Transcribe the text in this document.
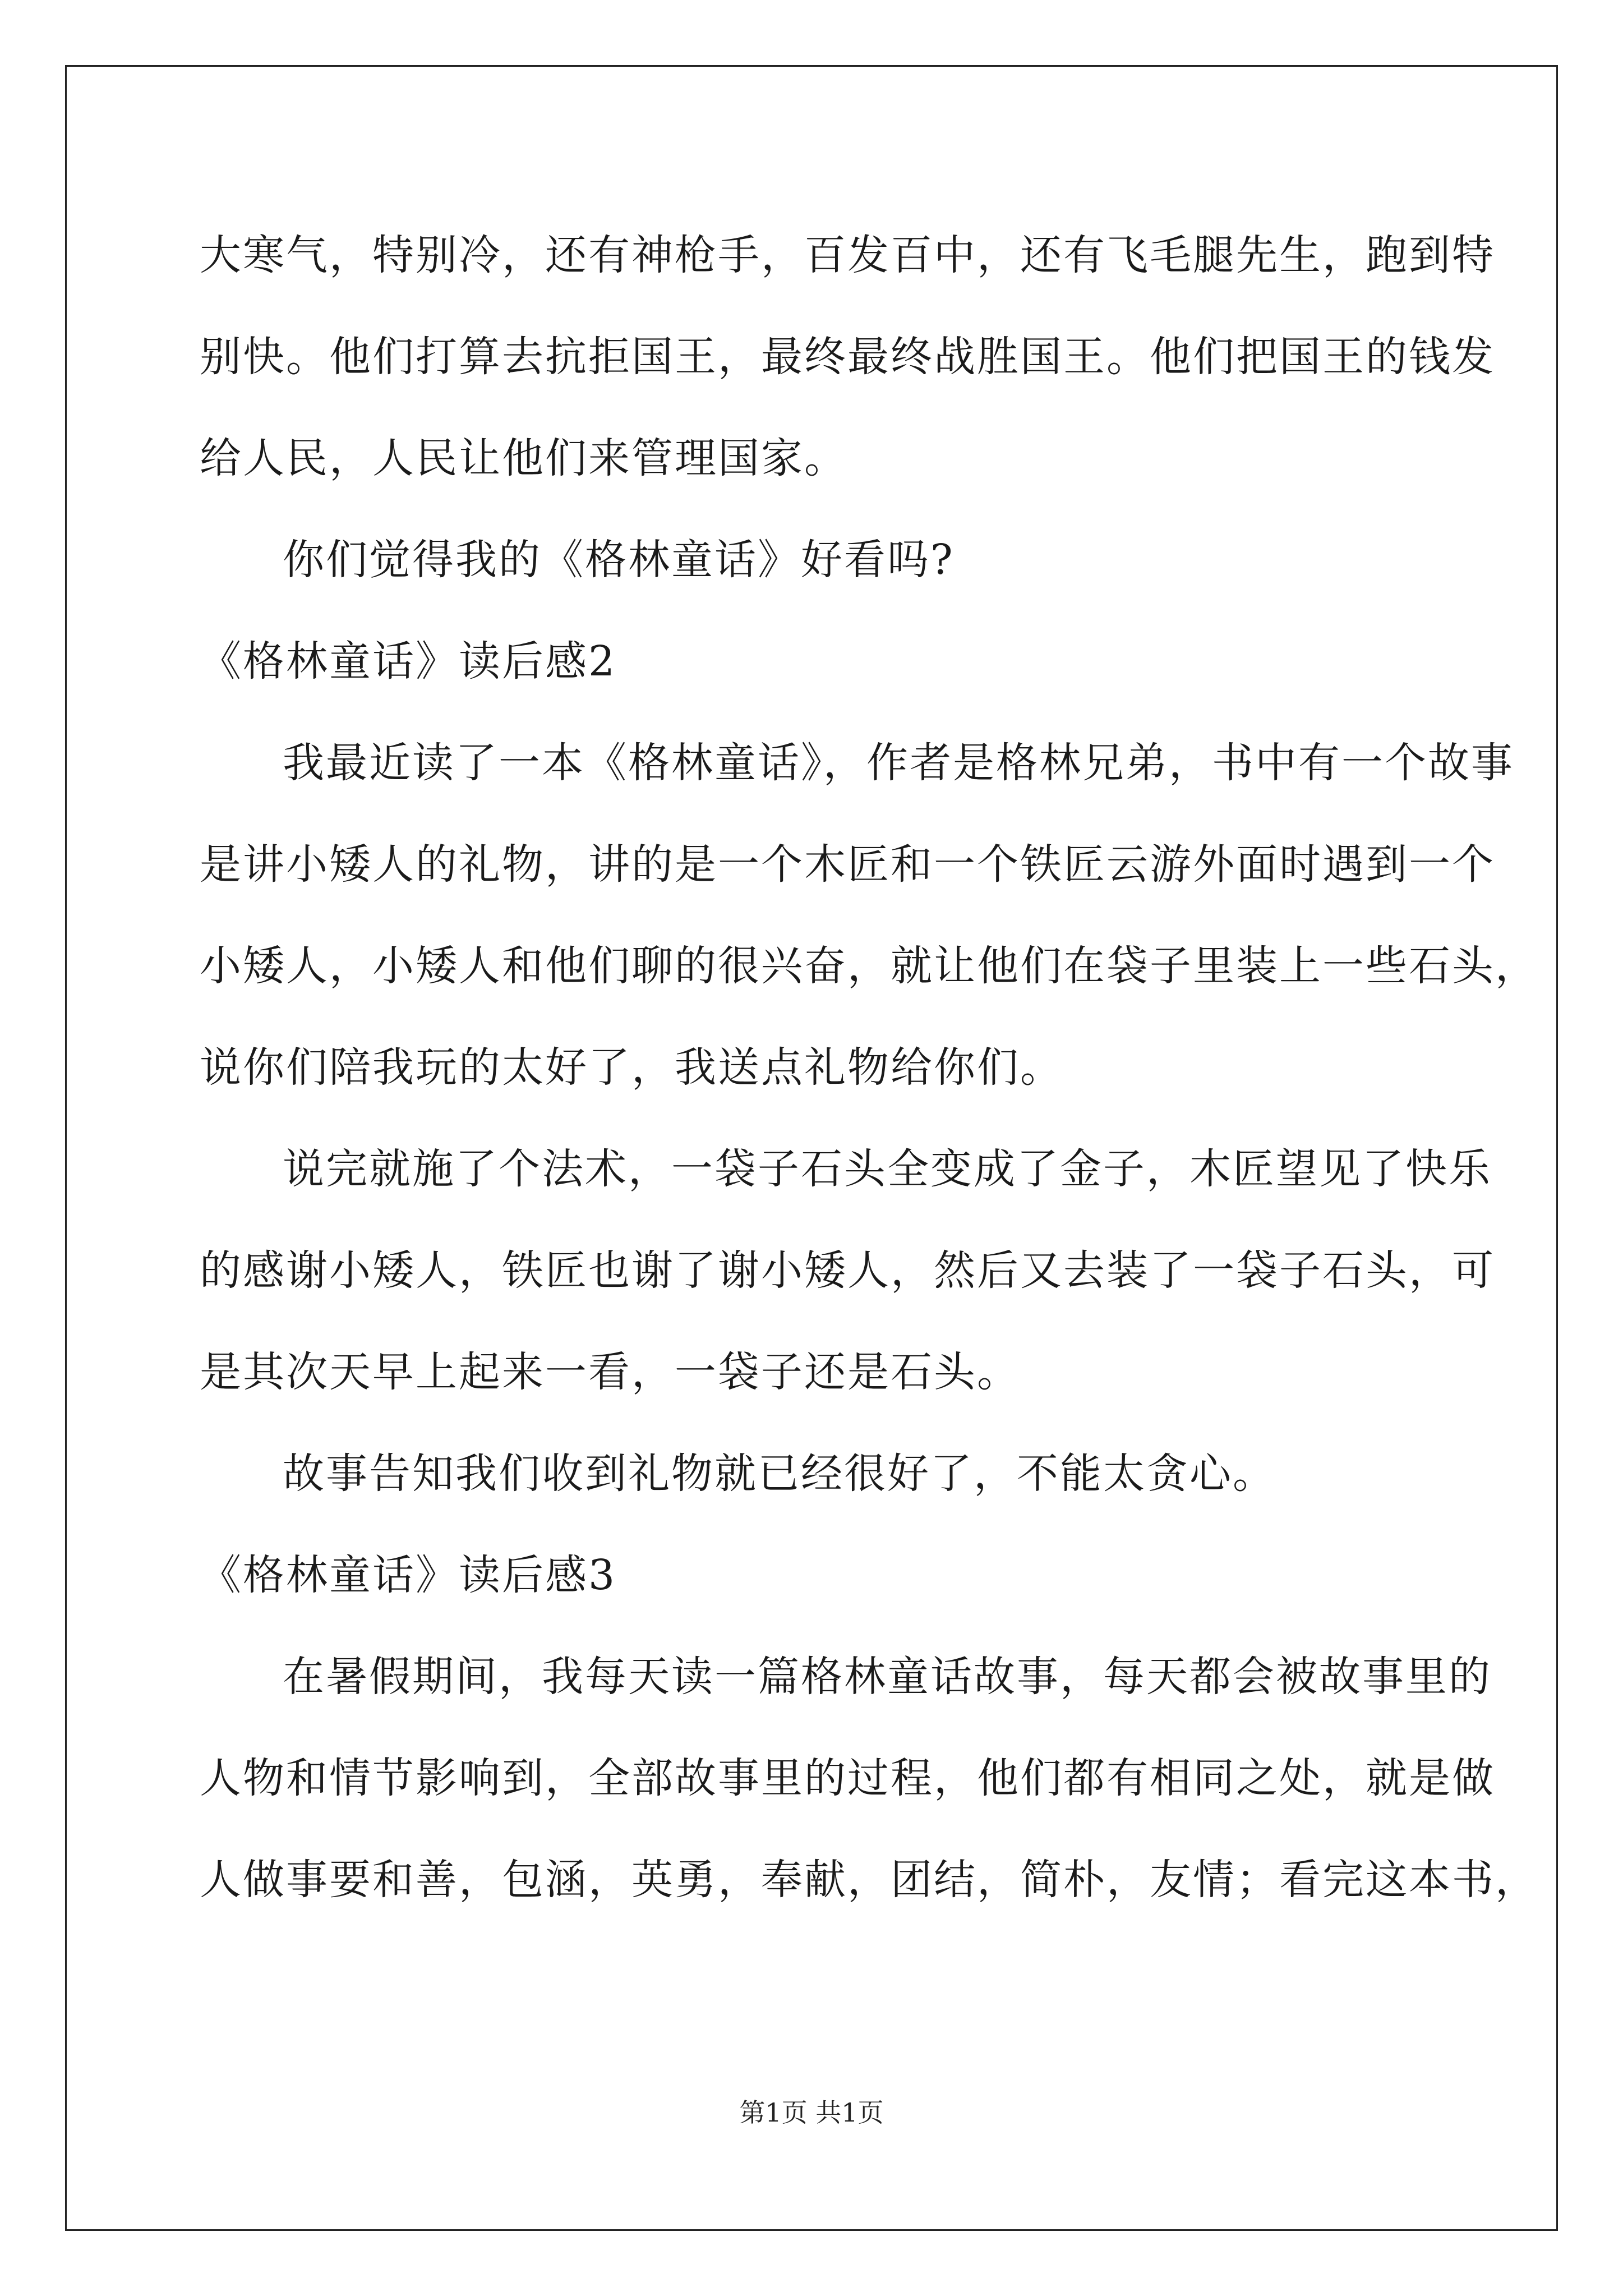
大寒气，特别冷，还有神枪手，百发百中，还有飞毛腿先生，跑到特
别快。他们打算去抗拒国王，最终最终战胜国王。他们把国王的钱发
给人民，人民让他们来管理国家。
你们觉得我的《格林童话》好看吗?
《格林童话》读后感2
我最近读了一本《格林童话》，作者是格林兄弟，书中有一个故事
是讲小矮人的礼物，讲的是一个木匠和一个铁匠云游外面时遇到一个
小矮人，小矮人和他们聊的很兴奋，就让他们在袋子里装上一些石头，
说你们陪我玩的太好了，我送点礼物给你们。
说完就施了个法术，一袋子石头全变成了金子，木匠望见了快乐
的感谢小矮人，铁匠也谢了谢小矮人，然后又去装了一袋子石头，可
是其次天早上起来一看，一袋子还是石头。
故事告知我们收到礼物就已经很好了，不能太贪心。
《格林童话》读后感3
在暑假期间，我每天读一篇格林童话故事，每天都会被故事里的
人物和情节影响到，全部故事里的过程，他们都有相同之处，就是做
人做事要和善，包涵，英勇，奉献，团结，简朴，友情；看完这本书，
第1页 共1页
